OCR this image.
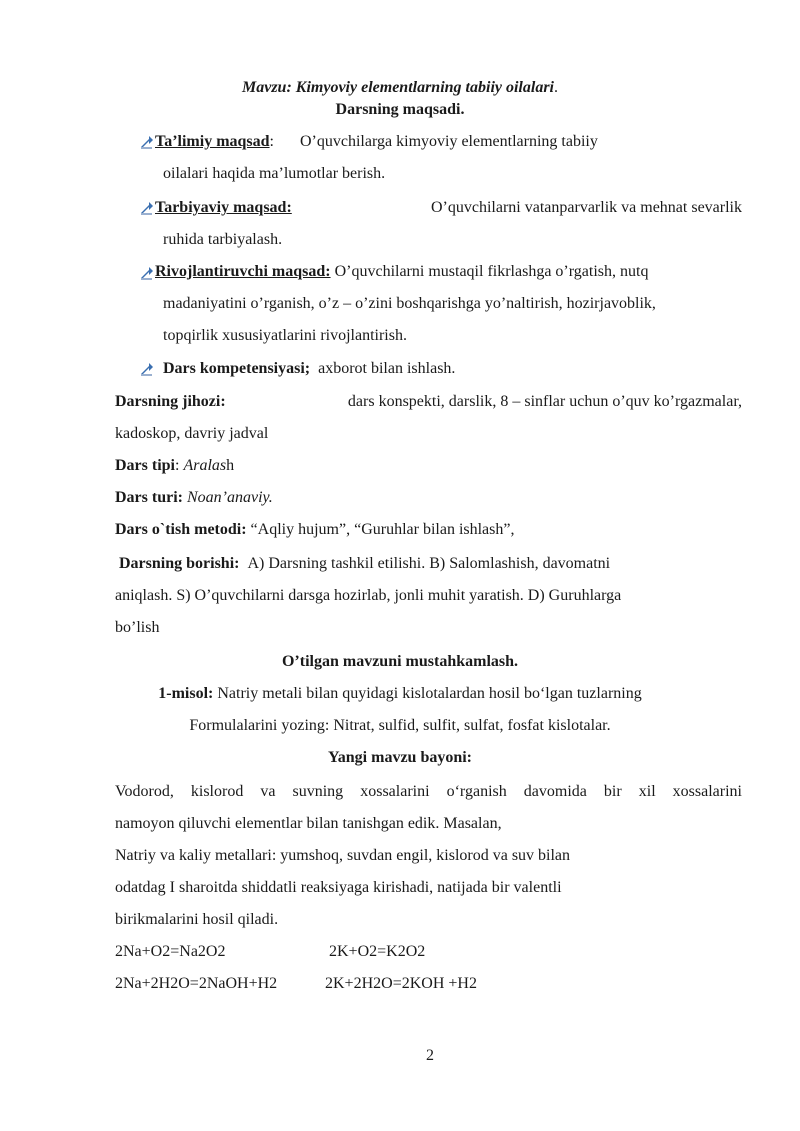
Mavzu: Kimyoviy elementlarning tabiiy oilalari.
Darsning maqsadi.
Ta’limiy maqsad: O’quvchilarga kimyoviy elementlarning tabiiy
oilalari haqida ma’lumotlar berish.
Tarbiyaviy maqsad:	O’quvchilarni vatanparvarlik va mehnat sevarlik
ruhida tarbiyalash.
Rivojlantiruvchi maqsad: O’quvchilarni mustaqil fikrlashga o’rgatish, nutq
madaniyatini o’rganish, o’z – o’zini boshqarishga yo’naltirish, hozirjavoblik,
topqirlik xususiyatlarini rivojlantirish.
Dars kompetensiyasi; axborot bilan ishlash.
Darsning jihozi:	dars konspekti, darslik, 8 – sinflar uchun o’quv ko’rgazmalar,
kadoskop, davriy jadval
Dars tipi: Aralash
Dars turi: Noan’anaviy.
Dars o`tish metodi: “Aqliy hujum”, “Guruhlar bilan ishlash”,
Darsning borishi: A) Darsning tashkil etilishi. B) Salomlashish, davomatni
aniqlash. S) O’quvchilarni darsga hozirlab, jonli muhit yaratish. D) Guruhlarga
bo’lish
O’tilgan mavzuni mustahkamlash.
1-misol: Natriy metali bilan quyidagi kislotalardan hosil bo‘lgan tuzlarning
Formulalarini yozing: Nitrat, sulfid, sulfit, sulfat, fosfat kislotalar.
Yangi mavzu bayoni:
Vodorod, kislorod va suvning xossalarini o‘rganish davomida bir xil xossalarini
namoyon qiluvchi elementlar bilan tanishgan edik. Masalan,
Natriy va kaliy metallari: yumshoq, suvdan engil, kislorod va suv bilan
odatdag I sharoitda shiddatli reaksiyaga kirishadi, natijada bir valentli
birikmalarini hosil qiladi.
2Na+O2=Na2O2	2K+O2=K2O2
2Na+2H2O=2NaOH+H2	2K+2H2O=2KOH +H2
2
